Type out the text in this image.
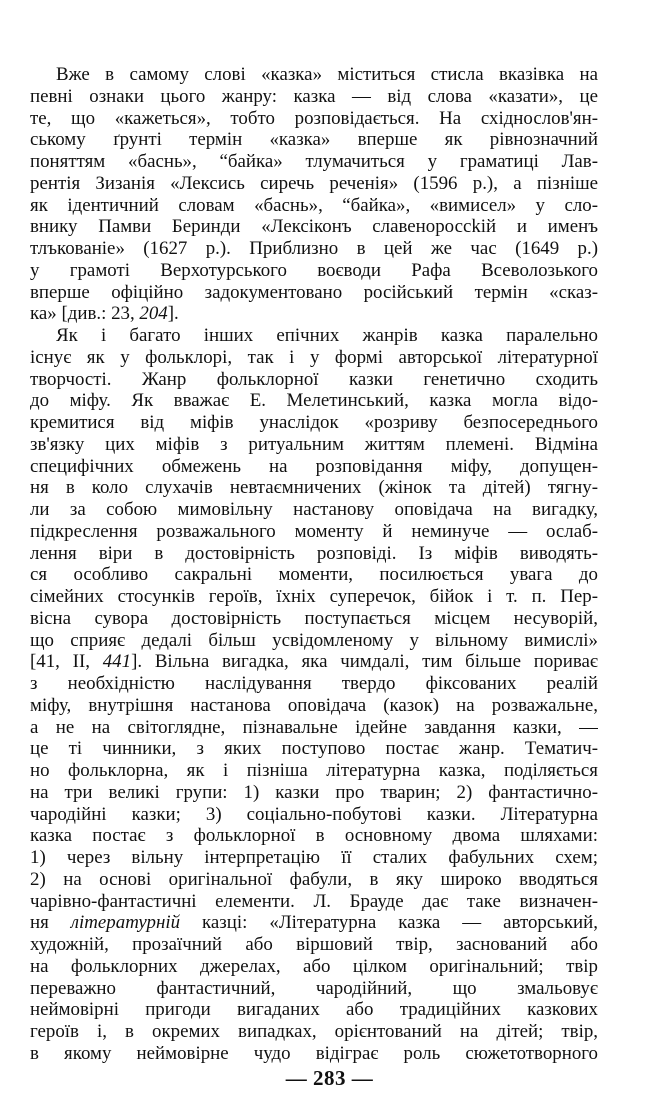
Вже в самому слові «казка» міститься стисла вказівка на
певні ознаки цього жанру: казка — від слова «казати», це
те, що «кажеться», тобто розповідається. На східнослов'ян-
ському ґрунті термін «казка» вперше як рівнозначний
поняттям «баснь», “байка» тлумачиться у граматиці Лав-
рентія Зизанія «Лексись сиречь реченія» (1596 р.), а пізніше
як ідентичний словам «баснь», “байка», «вимисел» у сло-
внику Памви Беринди «Лексіконъ славенороссkій и именъ
тлъкованіе» (1627 р.). Приблизно в цей же час (1649 р.)
у грамоті Верхотурського воєводи Рафа Всеволозького
вперше офіційно задокументовано російський термін «сказ-
ка» [див.: 23, 204].
Як і багато інших епічних жанрів казка паралельно
існує як у фольклорі, так і у формі авторської літературної
творчості. Жанр фольклорної казки генетично сходить
до міфу. Як вважає Е. Мелетинський, казка могла відо-
кремитися від міфів унаслідок «розриву безпосереднього
зв'язку цих міфів з ритуальним життям племені. Відміна
специфічних обмежень на розповідання міфу, допущен-
ня в коло слухачів невтаємничених (жінок та дітей) тягну-
ли за собою мимовільну настанову оповідача на вигадку,
підкреслення розважального моменту й неминуче — ослаб-
лення віри в достовірність розповіді. Із міфів виводять-
ся особливо сакральні моменти, посилюється увага до
сімейних стосунків героїв, їхніх суперечок, бійок і т. п. Пер-
вісна сувора достовірність поступається місцем несуворій,
що сприяє дедалі більш усвідомленому у вільному вимислі»
[41, II, 441]. Вільна вигадка, яка чимдалі, тим більше пориває
з необхідністю наслідування твердо фіксованих реалій
міфу, внутрішня настанова оповідача (казок) на розважальне,
а не на світоглядне, пізнавальне ідейне завдання казки, —
це ті чинники, з яких поступово постає жанр. Тематич-
но фольклорна, як і пізніша літературна казка, поділяється
на три великі групи: 1) казки про тварин; 2) фантастично-
чародійні казки; 3) соціально-побутові казки. Літературна
казка постає з фольклорної в основному двома шляхами:
1) через вільну інтерпретацію її сталих фабульних схем;
2) на основі оригінальної фабули, в яку широко вводяться
чарівно-фантастичні елементи. Л. Брауде дає таке визначен-
ня літературній казці: «Літературна казка — авторський,
художній, прозаїчний або віршовий твір, заснований або
на фольклорних джерелах, або цілком оригінальний; твір
переважно фантастичний, чародійний, що змальовує
неймовірні пригоди вигаданих або традиційних казкових
героїв і, в окремих випадках, орієнтований на дітей; твір,
в якому неймовірне чудо відіграє роль сюжетотворного
— 283 —
